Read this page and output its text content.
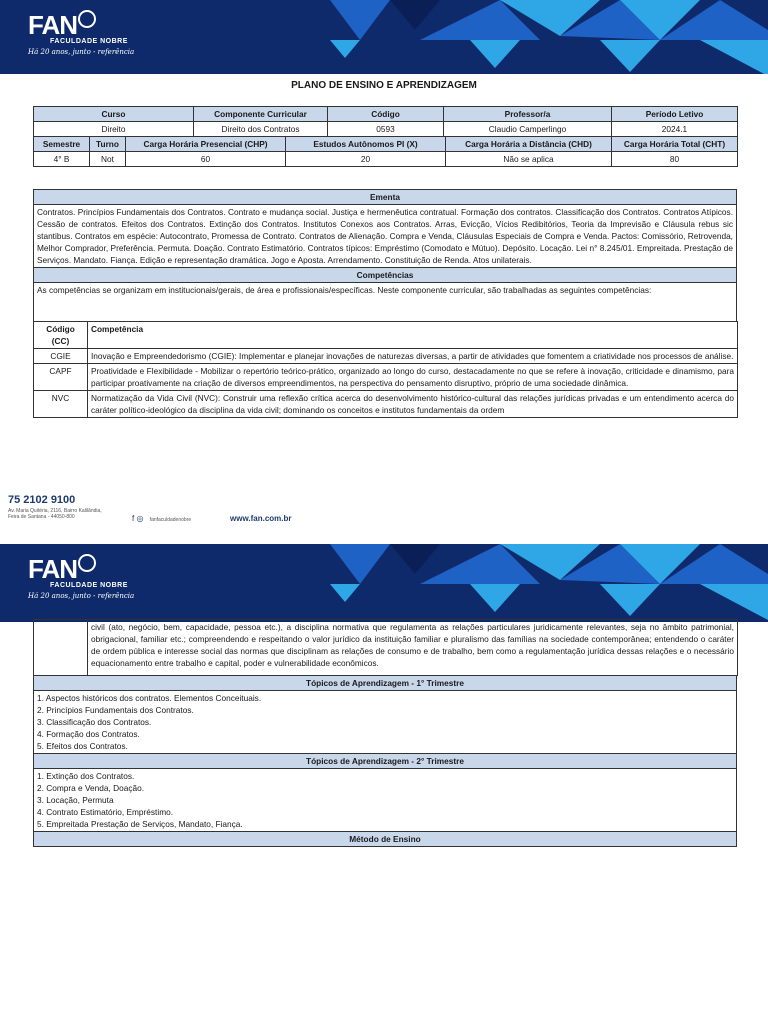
FAN
FACULDADE NOBRE
Há 20 anos, junto - referência
PLANO DE ENSINO E APRENDIZAGEM
Curso	Componente Curricular	Código	Professor/a	Período Letivo
Direito	Direito dos Contratos	0593	Claudio Camperlingo	2024.1
Semestre	Turno	Carga Horária Presencial (CHP)	Estudos Autônomos PI (X)	Carga Horária a Distância (CHD)	Carga Horária Total (CHT)
4° B	Not	60	20	Não se aplica	80
Ementa
Contratos. Princípios Fundamentais dos Contratos. Contrato e mudança social. Justiça e hermenêutica contratual. Formação dos contratos. Classificação dos Contratos. Contratos Atípicos. Cessão de contratos. Efeitos dos Contratos. Extinção dos Contratos. Institutos Conexos aos Contratos. Arras, Evicção, Vícios Redibitórios, Teoria da Imprevisão e Cláusula rebus sic stantibus. Contratos em espécie: Autocontrato, Promessa de Contrato. Contratos de Alienação. Compra e Venda, Cláusulas Especiais de Compra e Venda. Pactos: Comissório, Retrovenda, Melhor Comprador, Preferência. Permuta. Doação. Contrato Estimatório. Contratos típicos: Empréstimo (Comodato e Mútuo). Depósito. Locação. Lei n° 8.245/01. Empreitada. Prestação de Serviços. Mandato. Fiança. Edição e representação dramática. Jogo e Aposta. Arrendamento. Constituição de Renda. Atos unilaterais.
Competências
As competências se organizam em institucionais/gerais, de área e profissionais/específicas. Neste componente curricular, são trabalhadas as seguintes competências:
Código (CC)	Competência
CGIE	Inovação e Empreendedorismo (CGIE): Implementar e planejar inovações de naturezas diversas, a partir de atividades que fomentem a criatividade nos processos de análise.
CAPF	Proatividade e Flexibilidade - Mobilizar o repertório teórico-prático, organizado ao longo do curso, destacadamente no que se refere à inovação, criticidade e dinamismo, para participar proativamente na criação de diversos empreendimentos, na perspectiva do pensamento disruptivo, próprio de uma sociedade dinâmica.
NVC	Normatização da Vida Civil (NVC): Construir uma reflexão crítica acerca do desenvolvimento histórico-cultural das relações jurídicas privadas e um entendimento acerca do caráter político-ideológico da disciplina da vida civil; dominando os conceitos e institutos fundamentais da ordem
75 2102 9100
Av. Maria Quitéria, 2116, Bairro Kalilândia,
Feira de Santana - 44050-800	f ◎ fanfaculdadenobre	www.fan.com.br
FAN
FACULDADE NOBRE
Há 20 anos, junto - referência
	civil (ato, negócio, bem, capacidade, pessoa etc.), a disciplina normativa que regulamenta as relações particulares juridicamente relevantes, seja no âmbito patrimonial, obrigacional, familiar etc.; compreendendo e respeitando o valor jurídico da instituição familiar e pluralismo das famílias na sociedade contemporânea; entendendo o caráter de ordem pública e interesse social das normas que disciplinam as relações de consumo e de trabalho, bem como a regulamentação jurídica dessas relações e o necessário equacionamento entre trabalho e capital, poder e vulnerabilidade econômicos.
Tópicos de Aprendizagem - 1° Trimestre

1. Aspectos históricos dos contratos. Elementos Conceituais.
2. Princípios Fundamentais dos Contratos.
3. Classificação dos Contratos.
4. Formação dos Contratos.
5. Efeitos dos Contratos.

Tópicos de Aprendizagem - 2° Trimestre

1. Extinção dos Contratos.
2. Compra e Venda, Doação.
3. Locação, Permuta
4. Contrato Estimatório, Empréstimo.
5. Empreitada Prestação de Serviços, Mandato, Fiança.

Método de Ensino
